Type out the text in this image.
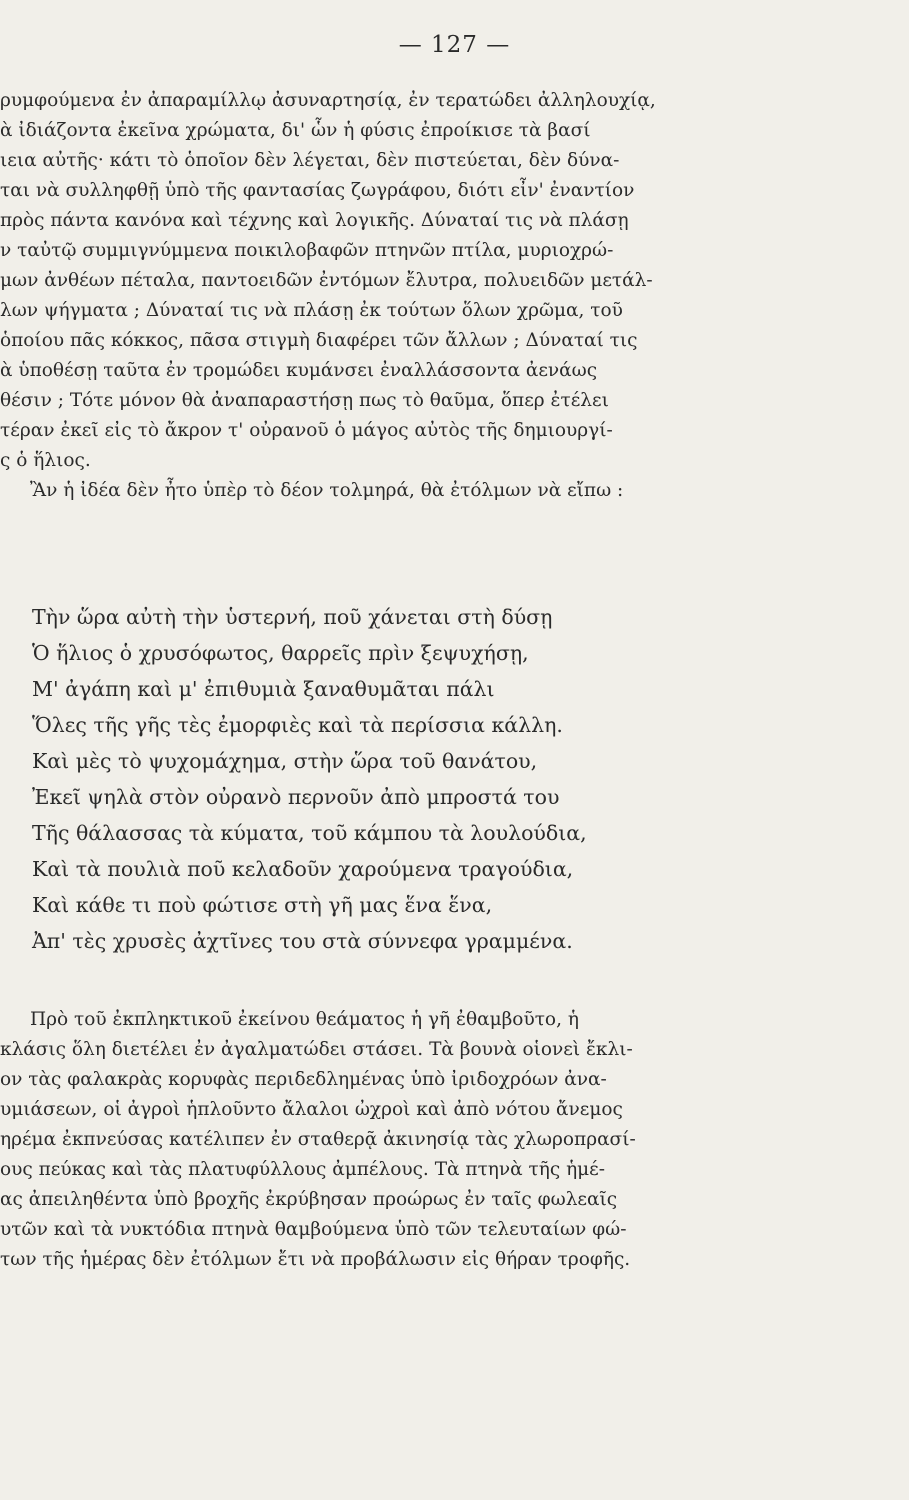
— 127 —
ρυμφούμενα ἐν ἀπαραμίλλῳ ἀσυναρτησίᾳ, ἐν τερατώδει ἀλληλουχίᾳ,
ὰ ἰδιάζοντα ἐκεῖνα χρώματα, δι' ὧν ἡ φύσις ἐπροίκισε τὰ βασί
ιεια αὐτῆς· κάτι τὸ ὁποῖον δὲν λέγεται, δὲν πιστεύεται, δὲν δύνα-
ται νὰ συλληφθῇ ὑπὸ τῆς φαντασίας ζωγράφου, διότι εἶν' ἐναντίον
πρὸς πάντα κανόνα καὶ τέχνης καὶ λογικῆς. Δύναταί τις νὰ πλάσῃ
ν ταὐτῷ συμμιγνύμμενα ποικιλοβαφῶν πτηνῶν πτίλα, μυριοχρώ-
μων ἀνθέων πέταλα, παντοειδῶν ἐντόμων ἔλυτρα, πολυειδῶν μετάλ-
λων ψήγματα ; Δύναταί τις νὰ πλάσῃ ἐκ τούτων ὅλων χρῶμα, τοῦ
ὁποίου πᾶς κόκκος, πᾶσα στιγμὴ διαφέρει τῶν ἄλλων ; Δύναταί τις
ὰ ὑποθέσῃ ταῦτα ἐν τρομώδει κυμάνσει ἐναλλάσσοντα ἀενάως
θέσιν ; Τότε μόνον θὰ ἀναπαραστήσῃ πως τὸ θαῦμα, ὅπερ ἐτέλει
τέραν ἐκεῖ εἰς τὸ ἄκρον τ' οὐρανοῦ ὁ μάγος αὐτὸς τῆς δημιουργί-
ς ὁ ἥλιος.
Ἂν ἡ ἰδέα δὲν ἦτο ὑπὲρ τὸ δέον τολμηρά, θὰ ἐτόλμων νὰ εἴπω :
Τὴν ὥρα αὐτὴ τὴν ὑστερνή, ποῦ χάνεται στὴ δύσῃ
Ὁ ἥλιος ὁ χρυσόφωτος, θαρρεῖς πρὶν ξεψυχήσῃ,
Μ' ἀγάπη καὶ μ' ἐπιθυμιὰ ξαναθυμᾶται πάλι
Ὅλες τῆς γῆς τὲς ἐμορφιὲς καὶ τὰ περίσσια κάλλη.
Καὶ μὲς τὸ ψυχομάχημα, στὴν ὥρα τοῦ θανάτου,
Ἐκεῖ ψηλὰ στὸν οὐρανὸ περνοῦν ἀπὸ μπροστά του
Τῆς θάλασσας τὰ κύματα, τοῦ κάμπου τὰ λουλούδια,
Καὶ τὰ πουλιὰ ποῦ κελαδοῦν χαρούμενα τραγούδια,
Καὶ κάθε τι ποὺ φώτισε στὴ γῆ μας ἕνα ἕνα,
Ἀπ' τὲς χρυσὲς ἀχτῖνες του στὰ σύννεφα γραμμένα.
Πρὸ τοῦ ἐκπληκτικοῦ ἐκείνου θεάματος ἡ γῆ ἐθαμβοῦτο, ἡ
κλάσις ὅλη διετέλει ἐν ἀγαλματώδει στάσει. Τὰ βουνὰ οἱονεὶ ἔκλι-
ον τὰς φαλακρὰς κορυφὰς περιδεδλημένας ὑπὸ ἰριδοχρόων ἀνα-
υμιάσεων, οἱ ἀγροὶ ἡπλοῦντο ἄλαλοι ὠχροὶ καὶ ἀπὸ νότου ἄνεμος
ηρέμα ἐκπνεύσας κατέλιπεν ἐν σταθερᾷ ἀκινησίᾳ τὰς χλωροπρασί-
ους πεύκας καὶ τὰς πλατυφύλλους ἀμπέλους. Τὰ πτηνὰ τῆς ἡμέ-
ας ἀπειληθέντα ὑπὸ βροχῆς ἐκρύβησαν προώρως ἐν ταῖς φωλεαῖς
υτῶν καὶ τὰ νυκτόδια πτηνὰ θαμβούμενα ὑπὸ τῶν τελευταίων φώ-
των τῆς ἡμέρας δὲν ἐτόλμων ἔτι νὰ προβάλωσιν εἰς θήραν τροφῆς.
